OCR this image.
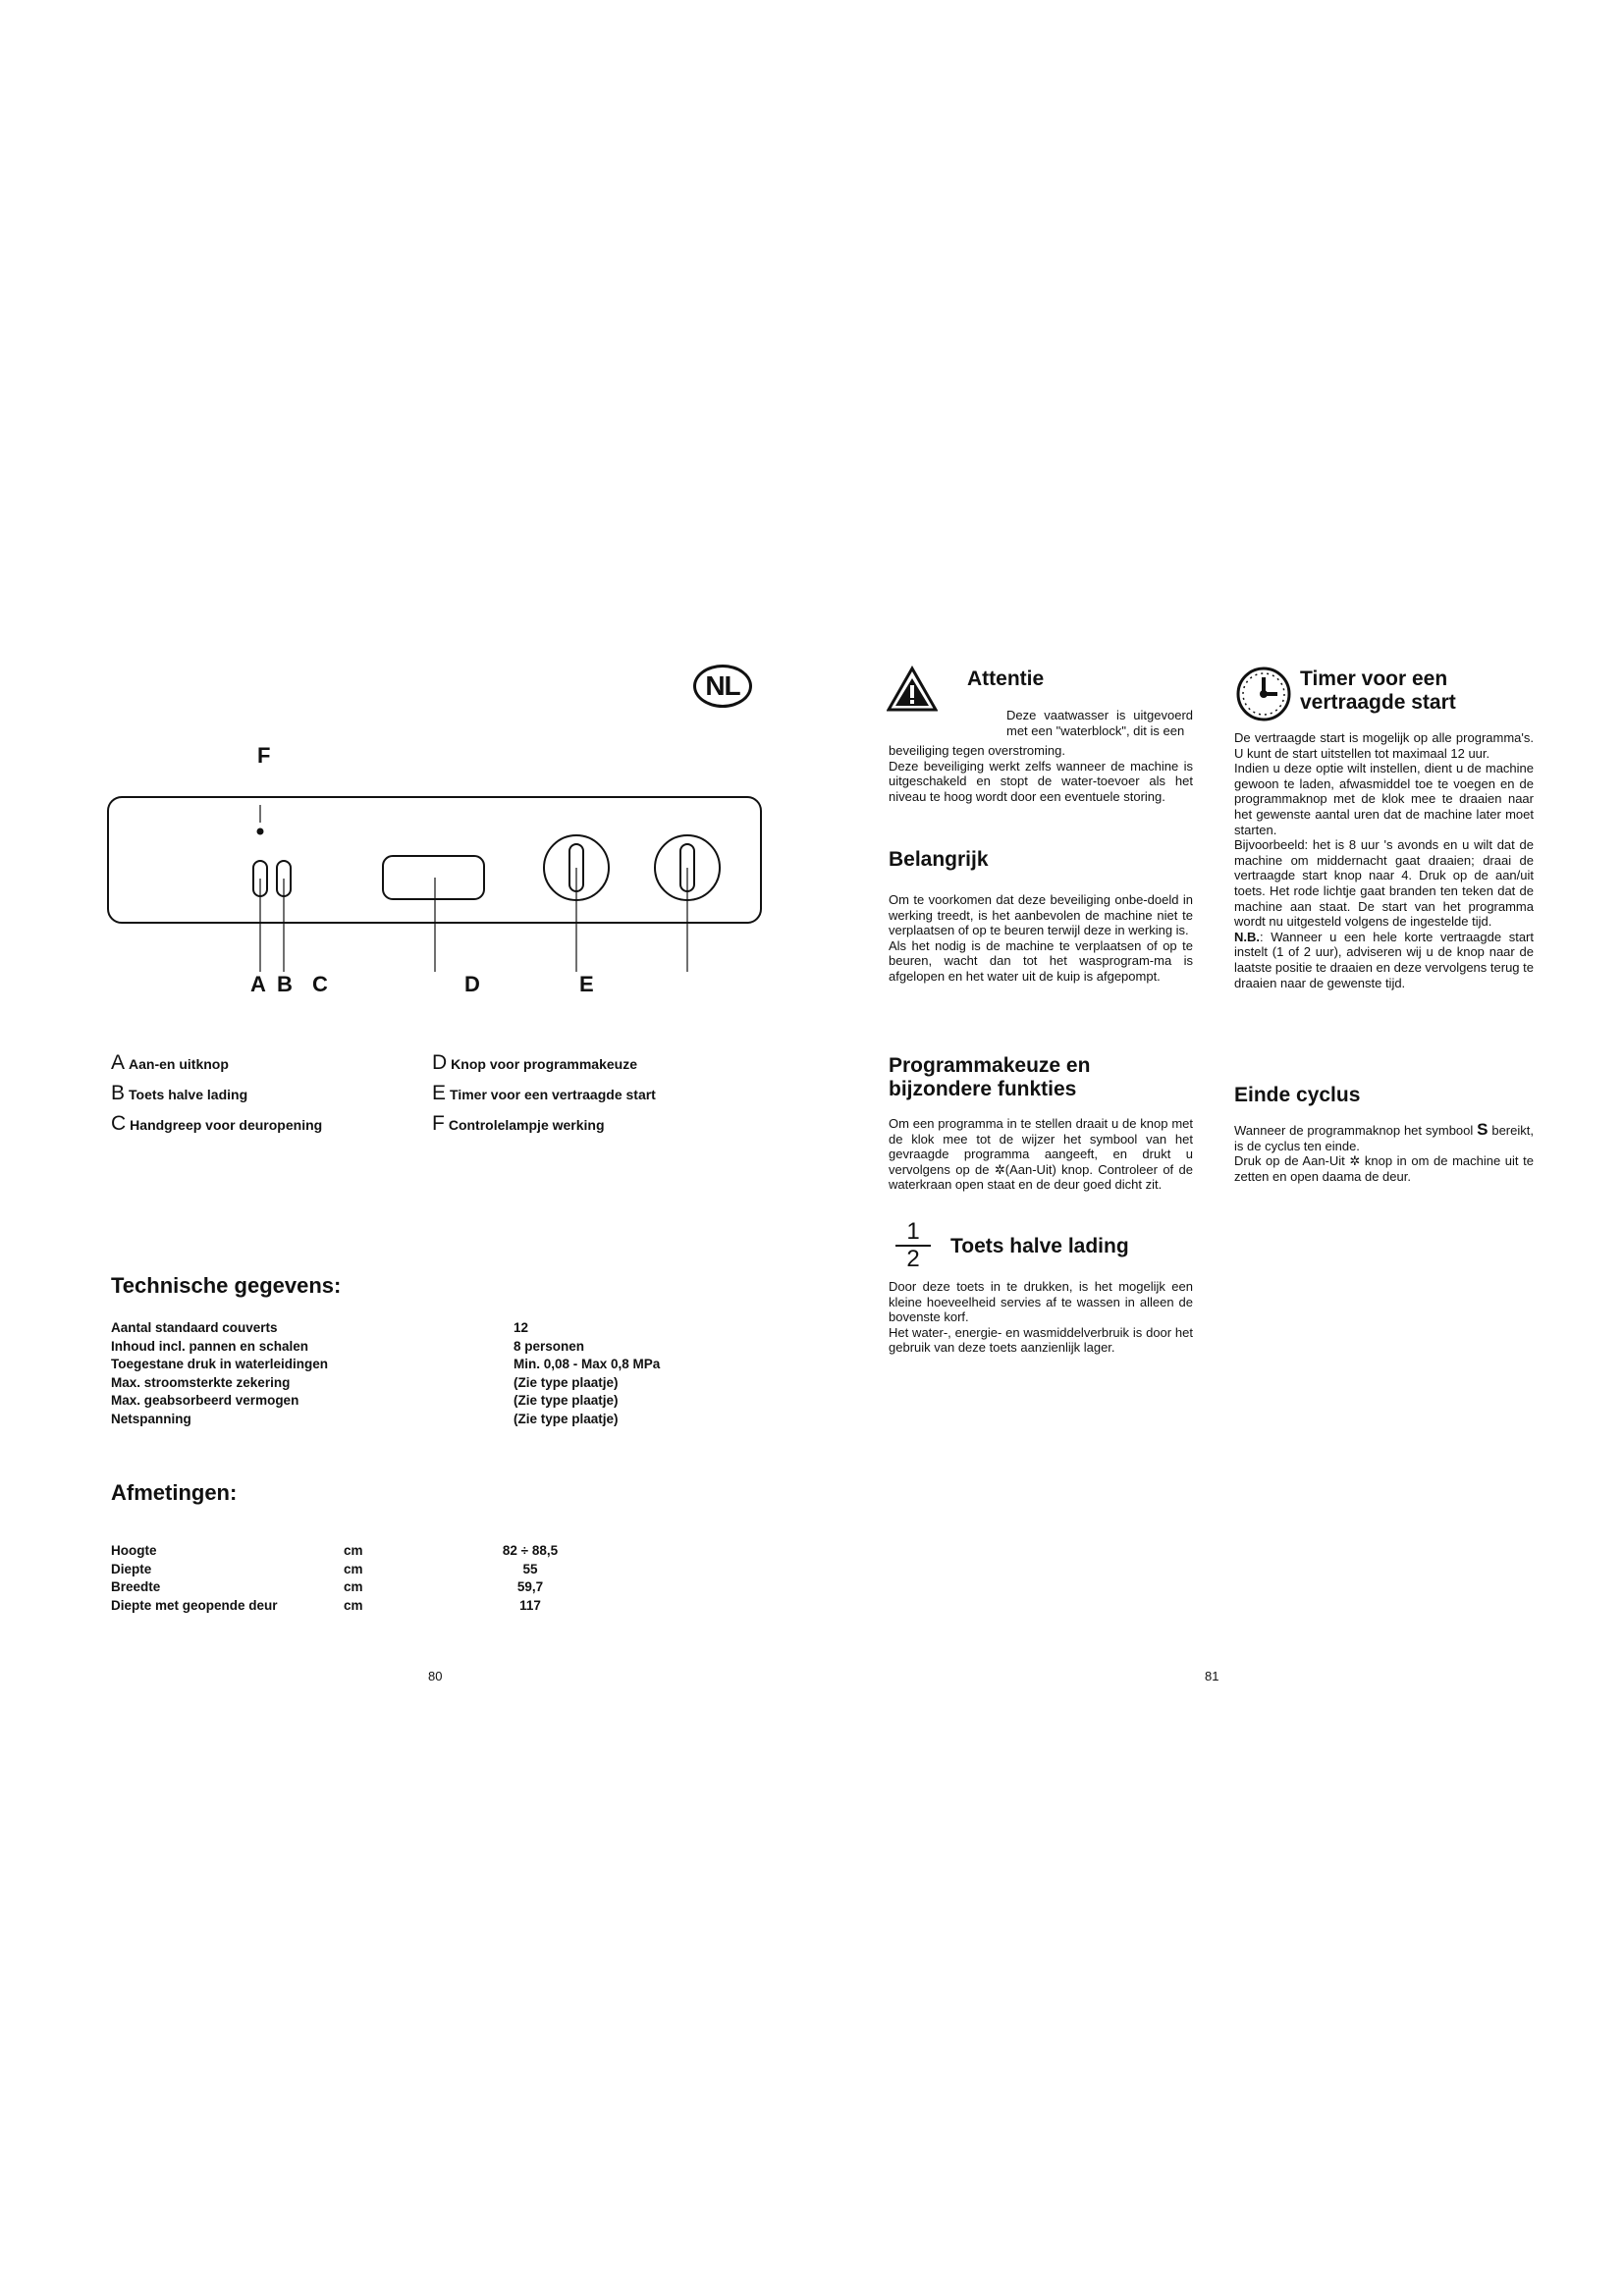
NL
F
A B C	D	E
A Aan-en uitknop
B Toets halve lading
C Handgreep voor deuropening
D Knop voor programmakeuze
E Timer voor een vertraagde start
F Controlelampje werking
Technische gegevens:
Aantal standaard couverts	12
Inhoud incl. pannen en schalen	8 personen
Toegestane druk in waterleidingen	Min. 0,08 - Max 0,8 MPa
Max. stroomsterkte zekering	(Zie type plaatje)
Max. geabsorbeerd vermogen	(Zie type plaatje)
Netspanning	(Zie type plaatje)
Afmetingen:
Hoogte	cm	82 ÷ 88,5
Diepte	cm	55
Breedte	cm	59,7
Diepte met geopende deur	cm	117
80
Attentie
Deze vaatwasser is uitgevoerd met een "waterblock", dit is een

beveiliging tegen overstroming.

Deze beveiliging werkt zelfs wanneer de machine is uitgeschakeld en stopt de water-toevoer als het niveau te hoog wordt door een eventuele storing.

Belangrijk

Om te voorkomen dat deze beveiliging onbe-doeld in werking treedt, is het aanbevolen de machine niet te verplaatsen of op te beuren terwijl deze in werking is.

Als het nodig is de machine te verplaatsen of op te beuren, wacht dan tot het wasprogram-ma is afgelopen en het water uit de kuip is afgepompt.

Programmakeuze en
bijzondere funkties

Om een programma in te stellen draait u de knop met de klok mee tot de wijzer het symbool van het gevraagde programma aangeeft, en drukt u vervolgens op de ✲(Aan-Uit) knop. Controleer of de waterkraan open staat en de deur goed dicht zit.

1
2	Toets halve lading

Door deze toets in te drukken, is het mogelijk een kleine hoeveelheid servies af te wassen in alleen de bovenste korf.

Het water-, energie- en wasmiddelverbruik is door het gebruik van deze toets aanzienlijk lager.

Timer voor een
vertraagde start

De vertraagde start is mogelijk op alle programma's. U kunt de start uitstellen tot maximaal 12 uur.

Indien u deze optie wilt instellen, dient u de machine gewoon te laden, afwasmiddel toe te voegen en de programmaknop met de klok mee te draaien naar het gewenste aantal uren dat de machine later moet starten.

Bijvoorbeeld: het is 8 uur 's avonds en u wilt dat de machine om middernacht gaat draaien; draai de vertraagde start knop naar 4. Druk op de aan/uit toets. Het rode lichtje gaat branden ten teken dat de machine aan staat. De start van het programma wordt nu uitgesteld volgens de ingestelde tijd.

N.B.: Wanneer u een hele korte vertraagde start instelt (1 of 2 uur), adviseren wij u de knop naar de laatste positie te draaien en deze vervolgens terug te draaien naar de gewenste tijd.

Einde cyclus

Wanneer de programmaknop het symbool S bereikt, is de cyclus ten einde.

Druk op de Aan-Uit ✲ knop in om de machine uit te zetten en open daama de deur.

81
